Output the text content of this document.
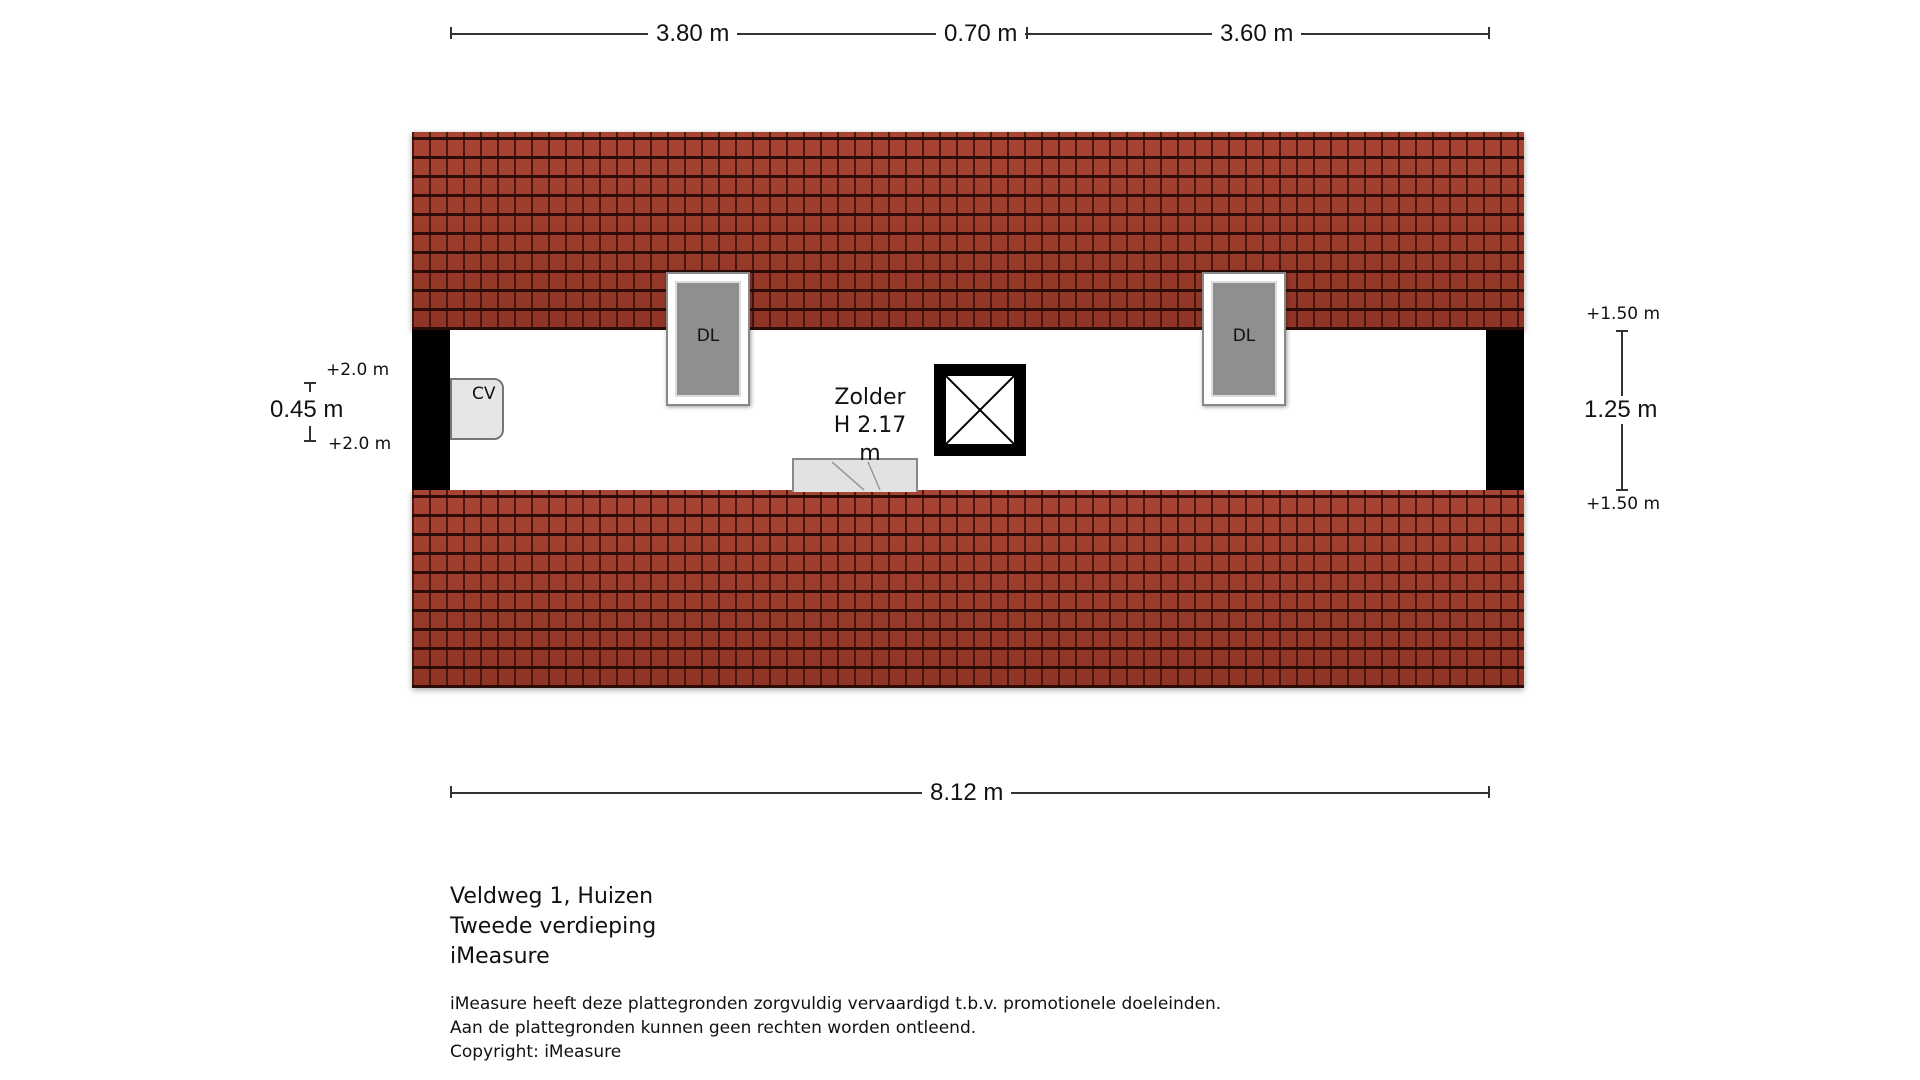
3.80 m	0.70 m	3.60 m
DL	DL
CV	Zolder
H 2.17 m
+2.0 m
0.45 m
+2.0 m
+1.50 m
1.25 m
+1.50 m
8.12 m
Veldweg 1, Huizen
Tweede verdieping
iMeasure
iMeasure heeft deze plattegronden zorgvuldig vervaardigd t.b.v. promotionele doeleinden.
Aan de plattegronden kunnen geen rechten worden ontleend.
Copyright: iMeasure
